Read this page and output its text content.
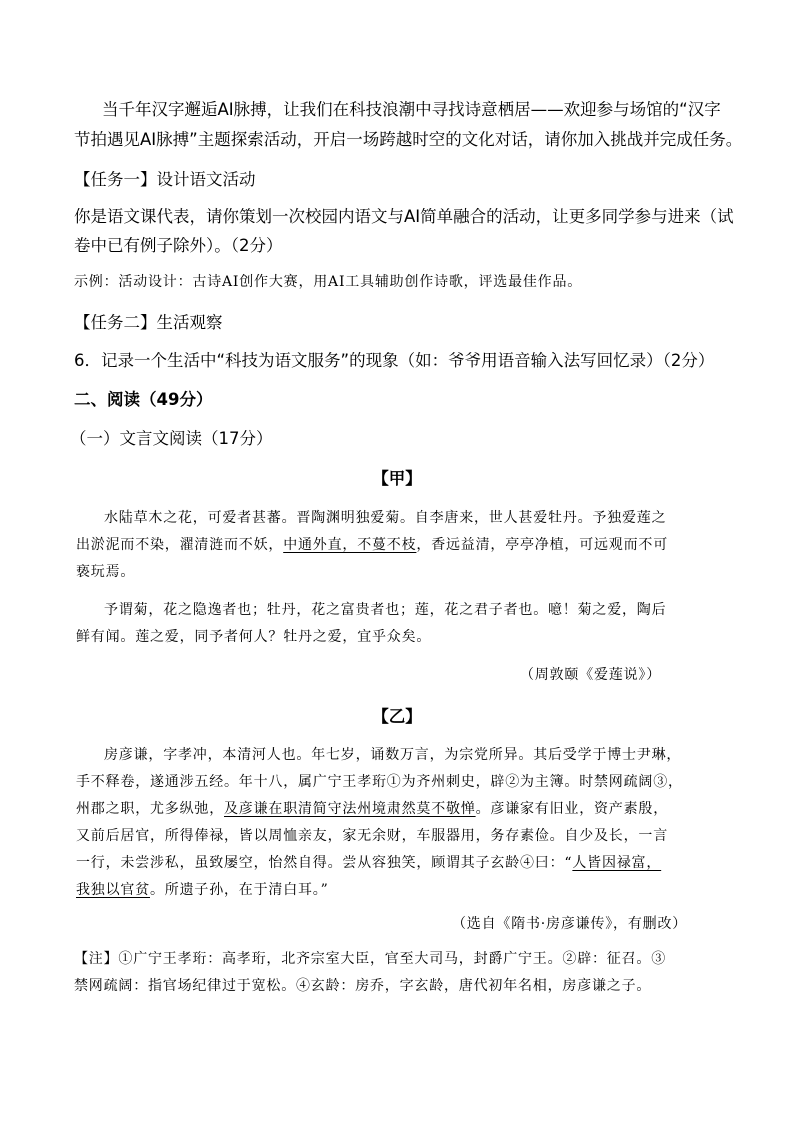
当千年汉字邂逅AI脉搏，让我们在科技浪潮中寻找诗意栖居——欢迎参与场馆的“汉字
节拍遇见AI脉搏”主题探索活动，开启一场跨越时空的文化对话，请你加入挑战并完成任务。
【任务一】设计语文活动
你是语文课代表，请你策划一次校园内语文与AI简单融合的活动，让更多同学参与进来（试
卷中已有例子除外）。（2分）
示例：活动设计：古诗AI创作大赛，用AI工具辅助创作诗歌，评选最佳作品。
【任务二】生活观察
6．记录一个生活中“科技为语文服务”的现象（如：爷爷用语音输入法写回忆录）（2分）
二、阅读（49分）
（一）文言文阅读（17分）
【甲】
水陆草木之花，可爱者甚蕃。晋陶渊明独爱菊。自李唐来，世人甚爱牡丹。予独爱莲之
出淤泥而不染，濯清涟而不妖，中通外直，不蔓不枝，香远益清，亭亭净植，可远观而不可
亵玩焉。
予谓菊，花之隐逸者也；牡丹，花之富贵者也；莲，花之君子者也。噫！菊之爱，陶后
鲜有闻。莲之爱，同予者何人？牡丹之爱，宜乎众矣。
（周敦颐《爱莲说》）
【乙】
房彦谦，字孝冲，本清河人也。年七岁，诵数万言，为宗党所异。其后受学于博士尹琳，
手不释卷，遂通涉五经。年十八，属广宁王孝珩①为齐州刺史，辟②为主簿。时禁网疏阔③，
州郡之职，尤多纵弛，及彦谦在职清简守法州境肃然莫不敬惮。彦谦家有旧业，资产素殷，
又前后居官，所得俸禄，皆以周恤亲友，家无余财，车服器用，务存素俭。自少及长，一言
一行，未尝涉私，虽致屡空，怡然自得。尝从容独笑，顾谓其子玄龄④曰：“人皆因禄富，
我独以官贫。所遗子孙，在于清白耳。”
（选自《隋书·房彦谦传》，有删改）
【注】①广宁王孝珩：高孝珩，北齐宗室大臣，官至大司马，封爵广宁王。②辟：征召。③
禁网疏阔：指官场纪律过于宽松。④玄龄：房乔，字玄龄，唐代初年名相，房彦谦之子。
